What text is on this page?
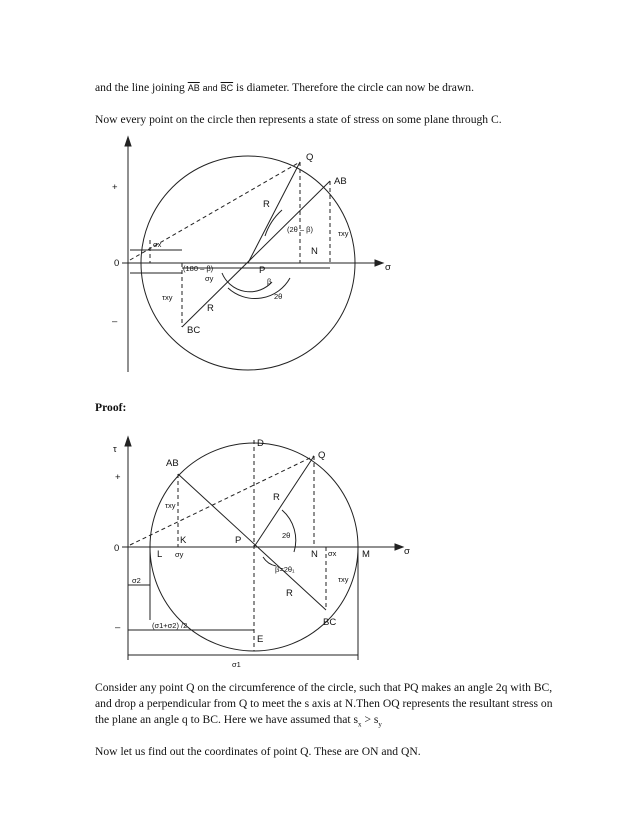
and the line joining $\overline{AB}$ and $\overline{BC}$ is diameter. Therefore the circle can now be drawn.

Now every point on the circle then represents a state of stress on some plane through C.

Q
AB
R
(2θ – β)	τxy
N
σx
0
+
–
σ
(180 – β)	P
σy	β
2θ
τxy
R
BC

Proof:

τ
+
–
0
D
Q
AB
τxy
R
2θ
K
L σy
P
N σx	M	σ
β=2θ₁
τxy
R
BC
σ2
(σ1+σ2) /2
E
σ1

Consider any point Q on the circumference of the circle, such that PQ makes an angle 2q with BC, and drop a perpendicular from Q to meet the s axis at N.Then OQ represents the resultant stress on the plane an angle q to BC. Here we have assumed that $s_x > s_y$

Now let us find out the coordinates of point Q. These are ON and QN.
